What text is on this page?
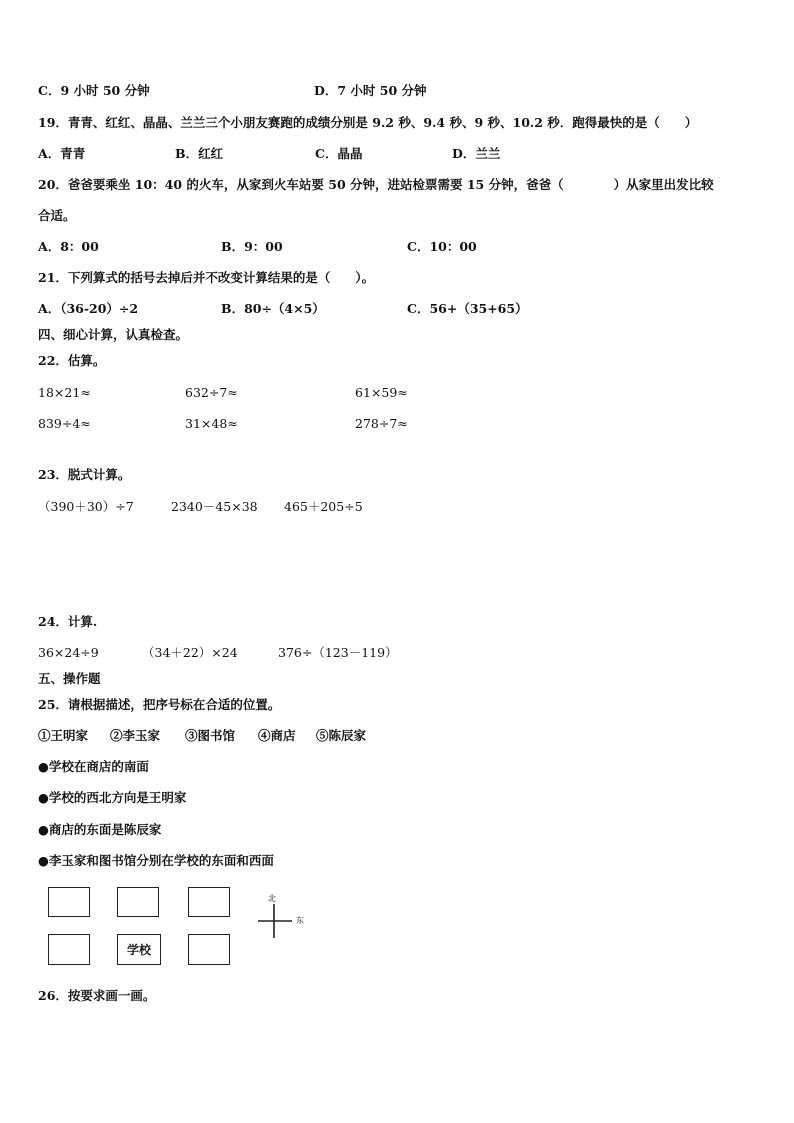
C．9 小时 50 分钟	D．7 小时 50 分钟
19．青青、红红、晶晶、兰兰三个小朋友赛跑的成绩分别是 9.2 秒、9.4 秒、9 秒、10.2 秒．跑得最快的是（　　）
A．青青	B．红红	C．晶晶	D．兰兰
20．爸爸要乘坐 10：40 的火车，从家到火车站要 50 分钟，进站检票需要 15 分钟，爸爸（　　　　）从家里出发比较
合适。
A．8：00	B．9：00	C．10：00
21．下列算式的括号去掉后并不改变计算结果的是（　　）。
A．（36-20）÷2	B．80÷（4×5）	C．56+（35+65）
四、细心计算，认真检查。
22．估算。
18×21≈	632÷7≈	61×59≈
839÷4≈	31×48≈	278÷7≈
23．脱式计算。
（390＋30）÷7	2340－45×38 465＋205÷5
24．计算.
36×24÷9	（34＋22）×24	376÷（123－119）
五、操作题
25．请根据描述，把序号标在合适的位置。
①王明家 ②李玉家 ③图书馆 ④商店 ⑤陈辰家
●学校在商店的南面
●学校的西北方向是王明家
●商店的东面是陈辰家
●李玉家和图书馆分别在学校的东面和西面
学校
北
东
26．按要求画一画。
